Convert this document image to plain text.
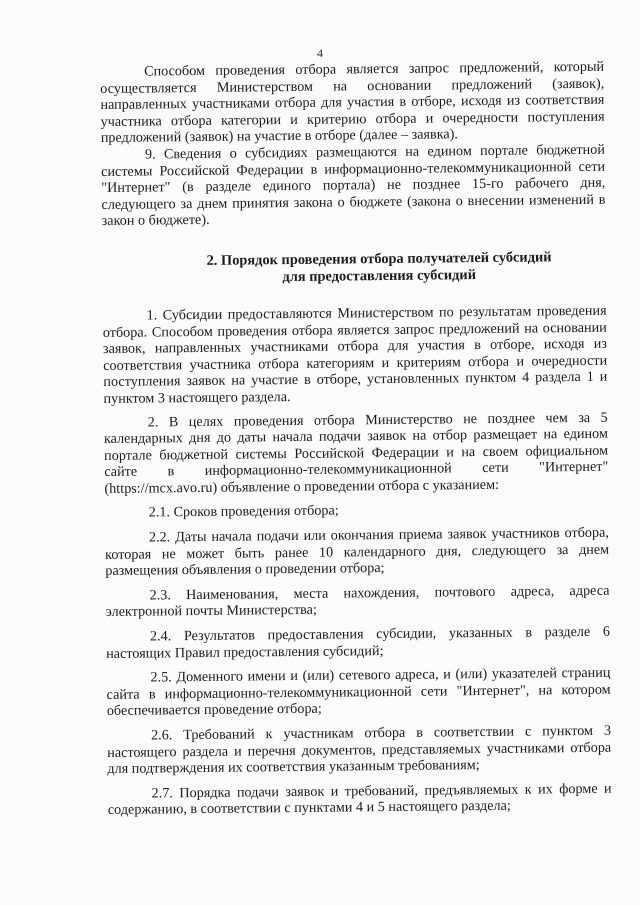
4

Способом проведения отбора является запрос предложений, который осуществляется Министерством на основании предложений (заявок), направленных участниками отбора для участия в отборе, исходя из соответствия участника отбора категории и критерию отбора и очередности поступления предложений (заявок) на участие в отборе (далее – заявка).

9. Сведения о субсидиях размещаются на едином портале бюджетной системы Российской Федерации в информационно-телекоммуникационной сети "Интернет" (в разделе единого портала) не позднее 15-го рабочего дня, следующего за днем принятия закона о бюджете (закона о внесении изменений в закон о бюджете).

2. Порядок проведения отбора получателей субсидий
для предоставления субсидий

1. Субсидии предоставляются Министерством по результатам проведения отбора. Способом проведения отбора является запрос предложений на основании заявок, направленных участниками отбора для участия в отборе, исходя из соответствия участника отбора категориям и критериям отбора и очередности поступления заявок на участие в отборе, установленных пунктом 4 раздела 1 и пунктом 3 настоящего раздела.

2. В целях проведения отбора Министерство не позднее чем за 5 календарных дня до даты начала подачи заявок на отбор размещает на едином портале бюджетной системы Российской Федерации и на своем официальном сайте в информационно-телекоммуникационной сети "Интернет" (https://mcx.avo.ru) объявление о проведении отбора с указанием:

2.1. Сроков проведения отбора;

2.2. Даты начала подачи или окончания приема заявок участников отбора, которая не может быть ранее 10 календарного дня, следующего за днем размещения объявления о проведении отбора;

2.3. Наименования, места нахождения, почтового адреса, адреса электронной почты Министерства;

2.4. Результатов предоставления субсидии, указанных в разделе 6 настоящих Правил предоставления субсидий;

2.5. Доменного имени и (или) сетевого адреса, и (или) указателей страниц сайта в информационно-телекоммуникационной сети "Интернет", на котором обеспечивается проведение отбора;

2.6. Требований к участникам отбора в соответствии с пунктом 3 настоящего раздела и перечня документов, представляемых участниками отбора для подтверждения их соответствия указанным требованиям;

2.7. Порядка подачи заявок и требований, предъявляемых к их форме и содержанию, в соответствии с пунктами 4 и 5 настоящего раздела;
